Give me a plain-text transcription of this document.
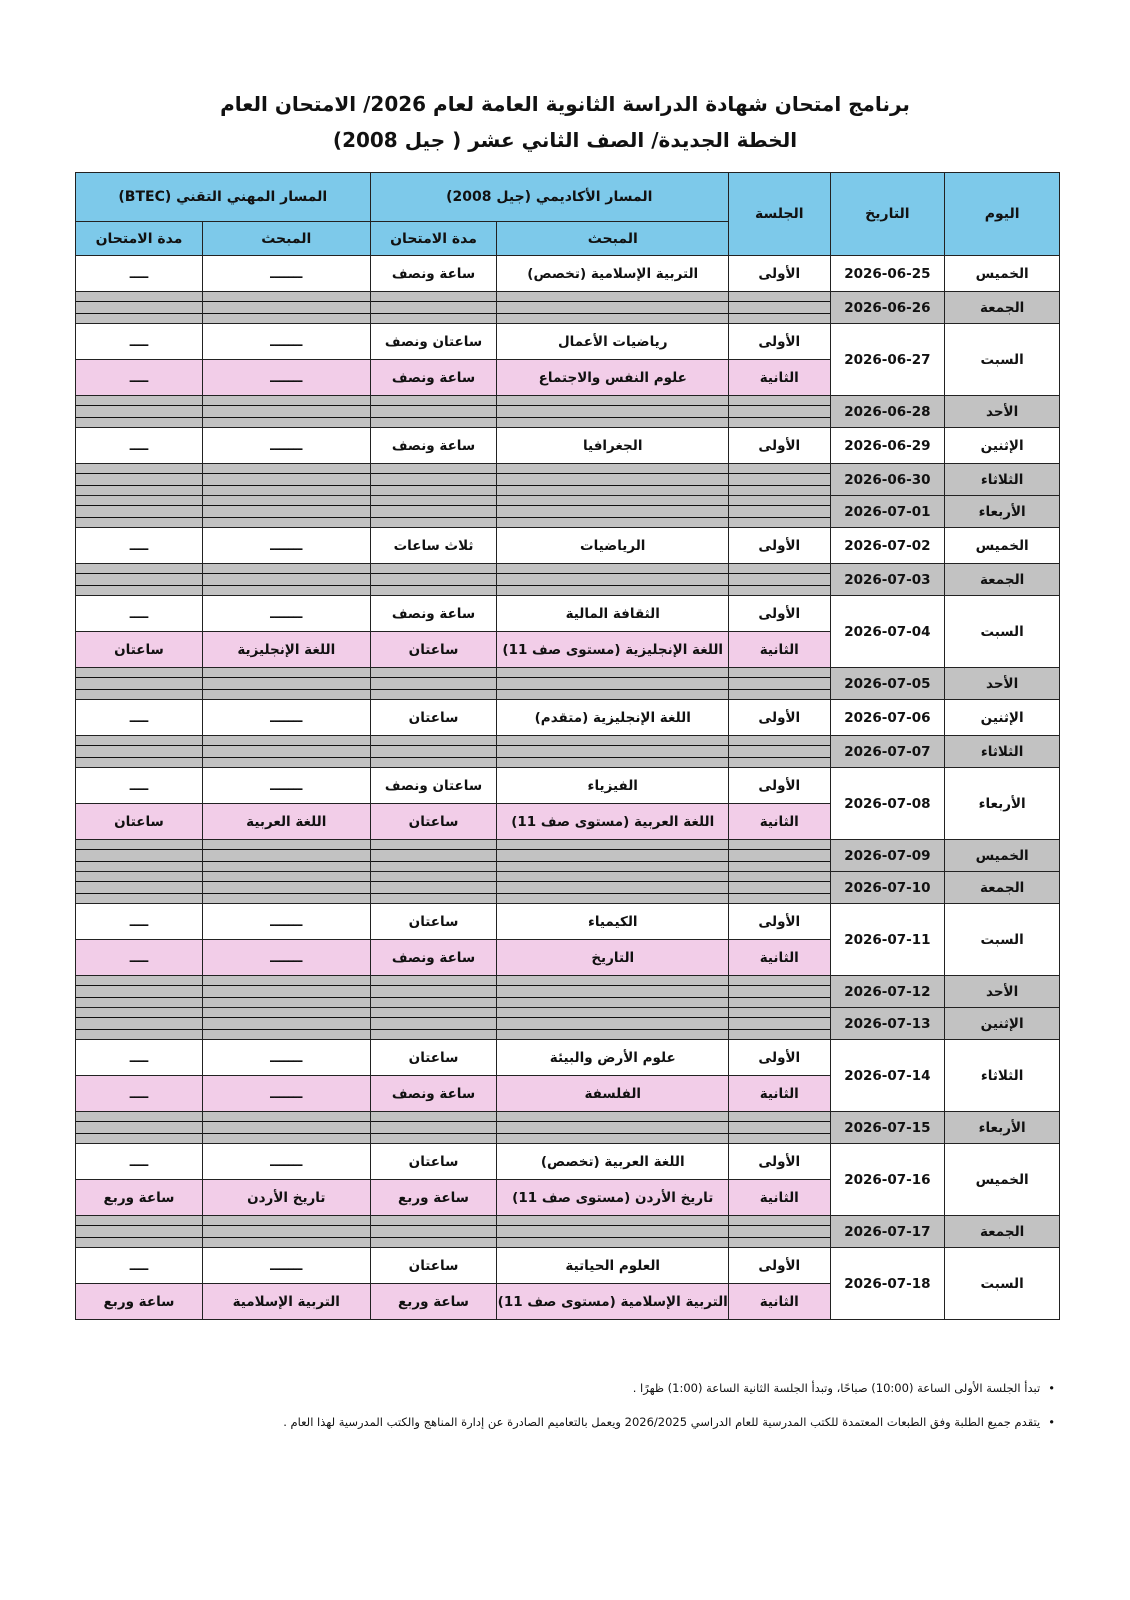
برنامج امتحان شهادة الدراسة الثانوية العامة لعام 2026/ الامتحان العام
الخطة الجديدة/ الصف الثاني عشر ( جيل 2008)
اليوم	التاريخ	الجلسة	المسار الأكاديمي (جيل 2008)		المسار المهني التقني (BTEC)	
			المبحث	مدة الامتحان	المبحث	مدة الامتحان
الخميس	2026-06-25	الأولى	التربية الإسلامية (تخصص)	ساعة ونصف	ـــــــ	ــــ
الجمعة	2026-06-26					
السبت	2026-06-27	الأولى	رياضيات الأعمال	ساعتان ونصف	ـــــــ	ــــ
		الثانية	علوم النفس والاجتماع	ساعة ونصف	ـــــــ	ــــ
الأحد	2026-06-28					
الإثنين	2026-06-29	الأولى	الجغرافيا	ساعة ونصف	ـــــــ	ــــ
الثلاثاء	2026-06-30					
الأربعاء	2026-07-01					
الخميس	2026-07-02	الأولى	الرياضيات	ثلاث ساعات	ـــــــ	ــــ
الجمعة	2026-07-03					
السبت	2026-07-04	الأولى	الثقافة المالية	ساعة ونصف	ـــــــ	ــــ
		الثانية	اللغة الإنجليزية (مستوى صف 11)	ساعتان	اللغة الإنجليزية	ساعتان
الأحد	2026-07-05					
الإثنين	2026-07-06	الأولى	اللغة الإنجليزية (متقدم)	ساعتان	ـــــــ	ــــ
الثلاثاء	2026-07-07					
الأربعاء	2026-07-08	الأولى	الفيزياء	ساعتان ونصف	ـــــــ	ــــ
		الثانية	اللغة العربية (مستوى صف 11)	ساعتان	اللغة العربية	ساعتان
الخميس	2026-07-09					
الجمعة	2026-07-10					
السبت	2026-07-11	الأولى	الكيمياء	ساعتان	ـــــــ	ــــ
		الثانية	التاريخ	ساعة ونصف	ـــــــ	ــــ
الأحد	2026-07-12					
الإثنين	2026-07-13					
الثلاثاء	2026-07-14	الأولى	علوم الأرض والبيئة	ساعتان	ـــــــ	ــــ
		الثانية	الفلسفة	ساعة ونصف	ـــــــ	ــــ
الأربعاء	2026-07-15					
الخميس	2026-07-16	الأولى	اللغة العربية (تخصص)	ساعتان	ـــــــ	ــــ
		الثانية	تاريخ الأردن (مستوى صف 11)	ساعة وربع	تاريخ الأردن	ساعة وربع
الجمعة	2026-07-17					
السبت	2026-07-18	الأولى	العلوم الحياتية	ساعتان	ـــــــ	ــــ
		الثانية	التربية الإسلامية (مستوى صف 11)	ساعة وربع	التربية الإسلامية	ساعة وربع
•تبدأ الجلسة الأولى الساعة (10:00) صباحًا، وتبدأ الجلسة الثانية الساعة (1:00) ظهرًا .
•يتقدم جميع الطلبة وفق الطبعات المعتمدة للكتب المدرسية للعام الدراسي 2026/2025 ويعمل بالتعاميم الصادرة عن إدارة المناهج والكتب المدرسية لهذا العام .
